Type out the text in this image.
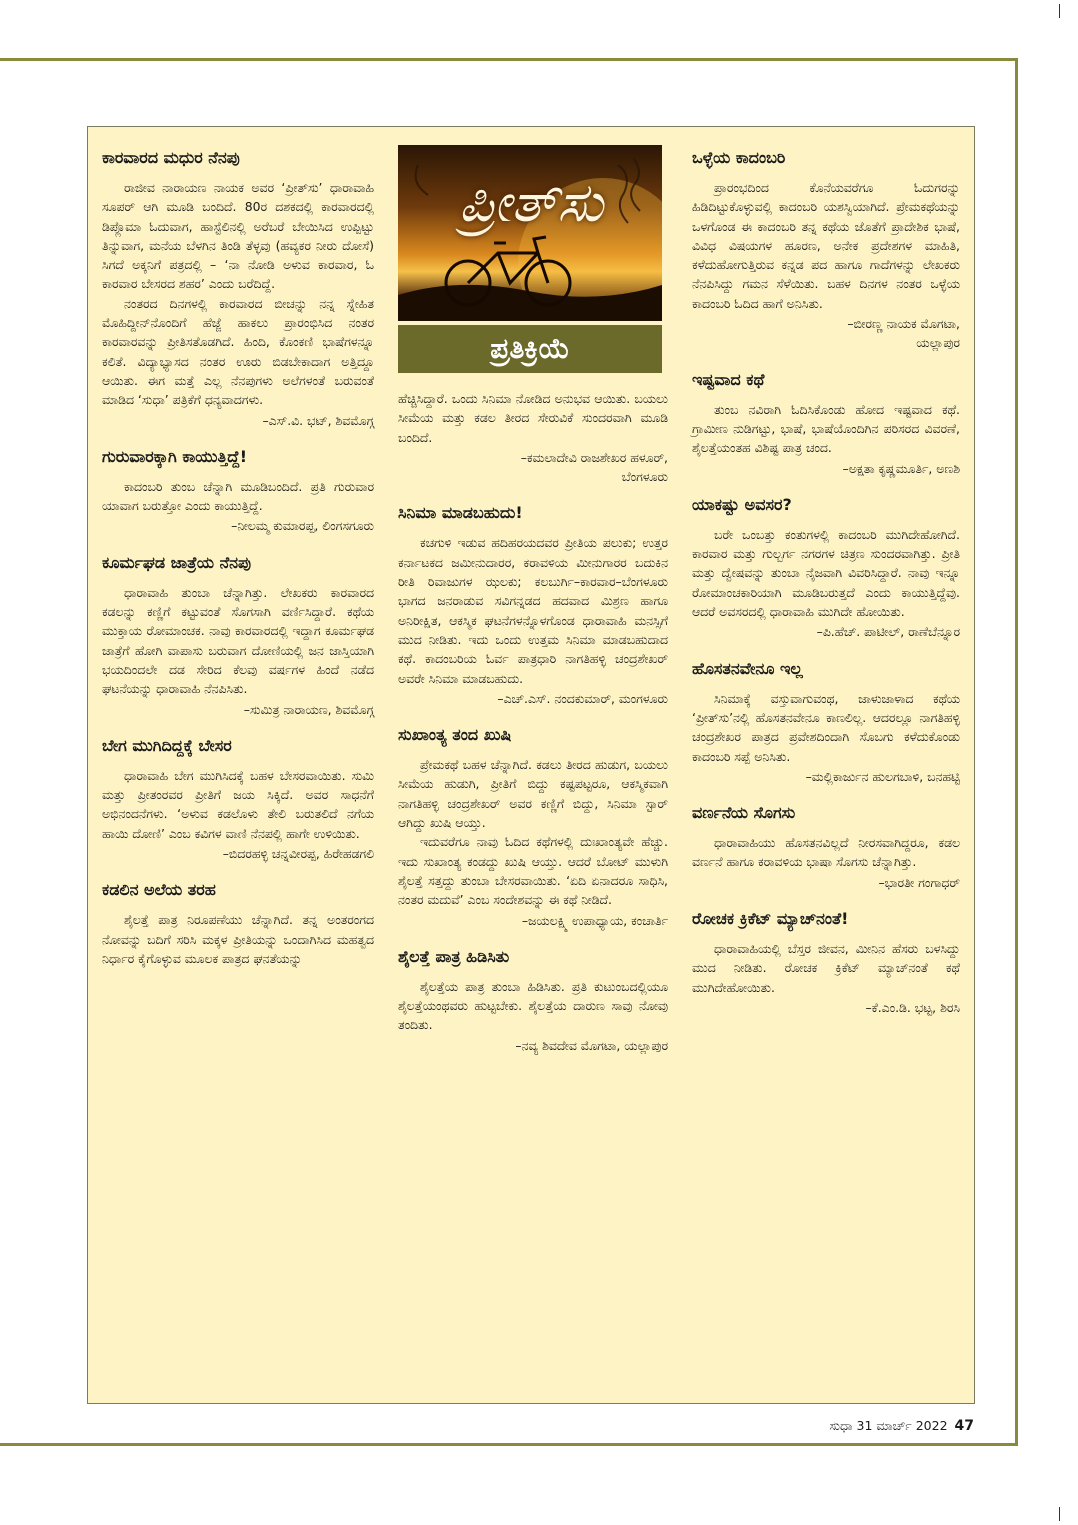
ಕಾರವಾರದ ಮಧುರ ನೆನಪು

ರಾಜೀವ ನಾರಾಯಣ ನಾಯಕ ಅವರ ‘ಪ್ರೀತ್‌ಸು’ ಧಾರಾವಾಹಿ ಸೂಪರ್ ಆಗಿ ಮೂಡಿ ಬಂದಿದೆ. 80ರ ದಶಕದಲ್ಲಿ ಕಾರವಾರದಲ್ಲಿ ಡಿಪ್ಲೊಮಾ ಓದುವಾಗ, ಹಾಸ್ಟೆಲಿನಲ್ಲಿ ಅರೆಬರೆ ಬೇಯಿಸಿದ ಉಪ್ಪಿಟ್ಟು ತಿನ್ನುವಾಗ, ಮನೆಯ ಬೆಳಗಿನ ತಿಂಡಿ ತೆಳ್ಳವು (ಹವ್ಯಕರ ನೀರು ದೋಸೆ) ಸಿಗದೆ ಅಕ್ಕನಿಗೆ ಪತ್ರದಲ್ಲಿ – ‘ನಾ ನೋಡಿ ಅಳುವ ಕಾರವಾರ, ಓ ಕಾರವಾರ ಬೇಸರದ ಶಹರ’ ಎಂದು ಬರೆದಿದ್ದೆ.

ನಂತರದ ದಿನಗಳಲ್ಲಿ ಕಾರವಾರದ ಬೀಚನ್ನು ನನ್ನ ಸ್ನೇಹಿತ ಮೊಹಿದ್ದೀನ್‌ನೊಂದಿಗೆ ಹೆಜ್ಜೆ ಹಾಕಲು ಪ್ರಾರಂಭಿಸಿದ ನಂತರ ಕಾರವಾರವನ್ನು ಪ್ರೀತಿಸತೊಡಗಿದೆ. ಹಿಂದಿ, ಕೊಂಕಣಿ ಭಾಷೆಗಳನ್ನೂ ಕಲಿತೆ. ವಿದ್ಯಾಭ್ಯಾಸದ ನಂತರ ಊರು ಬಿಡಬೇಕಾದಾಗ ಅತ್ತಿದ್ದೂ ಆಯಿತು. ಈಗ ಮತ್ತೆ ಎಲ್ಲ ನೆನಪುಗಳು ಅಲೆಗಳಂತೆ ಬರುವಂತೆ ಮಾಡಿದ ‘ಸುಧಾ’ ಪತ್ರಿಕೆಗೆ ಧನ್ಯವಾದಗಳು.

–ಎಸ್‌.ವಿ. ಭಟ್, ಶಿವಮೊಗ್ಗ
ಗುರುವಾರಕ್ಕಾಗಿ ಕಾಯುತ್ತಿದ್ದೆ!

ಕಾದಂಬರಿ ತುಂಬ ಚೆನ್ನಾಗಿ ಮೂಡಿಬಂದಿದೆ. ಪ್ರತಿ ಗುರುವಾರ ಯಾವಾಗ ಬರುತ್ತೋ ಎಂದು ಕಾಯುತ್ತಿದ್ದೆ.

–ನೀಲಮ್ಮ ಕುಮಾರಪ್ಪ, ಲಿಂಗಸಗೂರು
ಕೂರ್ಮಘಡ ಜಾತ್ರೆಯ ನೆನಪು

ಧಾರಾವಾಹಿ ತುಂಬಾ ಚೆನ್ನಾಗಿತ್ತು. ಲೇಖಕರು ಕಾರವಾರದ ಕಡಲನ್ನು ಕಣ್ಣಿಗೆ ಕಟ್ಟುವಂತೆ ಸೊಗಸಾಗಿ ವರ್ಣಿಸಿದ್ದಾರೆ. ಕಥೆಯ ಮುಕ್ತಾಯ ರೋಮಾಂಚಕ. ನಾವು ಕಾರವಾರದಲ್ಲಿ ಇದ್ದಾಗ ಕೂರ್ಮಘಡ ಜಾತ್ರೆಗೆ ಹೋಗಿ ವಾಪಾಸು ಬರುವಾಗ ದೋಣಿಯಲ್ಲಿ ಜನ ಜಾಸ್ತಿಯಾಗಿ ಭಯದಿಂದಲೇ ದಡ ಸೇರಿದ ಕೆಲವು ವರ್ಷಗಳ ಹಿಂದೆ ನಡೆದ ಘಟನೆಯನ್ನು ಧಾರಾವಾಹಿ ನೆನಪಿಸಿತು.

–ಸುಮಿತ್ರ ನಾರಾಯಣ, ಶಿವಮೊಗ್ಗ
ಬೇಗ ಮುಗಿದಿದ್ದಕ್ಕೆ ಬೇಸರ

ಧಾರಾವಾಹಿ ಬೇಗ ಮುಗಿಸಿದಕ್ಕೆ ಬಹಳ ಬೇಸರವಾಯಿತು. ಸುಮಿ ಮತ್ತು ಪ್ರೀತಂರವರ ಪ್ರೀತಿಗೆ ಜಯ ಸಿಕ್ಕಿದೆ. ಅವರ ಸಾಧನೆಗೆ ಅಭಿನಂದನೆಗಳು. ‘ಅಳುವ ಕಡಲೊಳು ತೇಲಿ ಬರುತಲಿದೆ ನಗೆಯ ಹಾಯಿ ದೋಣಿ’ ಎಂಬ ಕವಿಗಳ ವಾಣಿ ನೆನಪಲ್ಲಿ ಹಾಗೇ ಉಳಿಯಿತು.

–ಬಿದರಹಳ್ಳಿ ಚನ್ನವೀರಪ್ಪ, ಹಿರೇಹಡಗಲಿ
ಕಡಲಿನ ಅಲೆಯ ತರಹ

ಶೈಲತ್ತೆ ಪಾತ್ರ ನಿರೂಪಣೆಯು ಚೆನ್ನಾಗಿದೆ. ತನ್ನ ಅಂತರಂಗದ ನೋವನ್ನು ಬದಿಗೆ ಸರಿಸಿ ಮಕ್ಕಳ ಪ್ರೀತಿಯನ್ನು ಒಂದಾಗಿಸಿದ ಮಹತ್ವದ ನಿರ್ಧಾರ ಕೈಗೊಳ್ಳುವ ಮೂಲಕ ಪಾತ್ರದ ಘನತೆಯನ್ನು

ಪ್ರೀತ್‌ಸು
ಪ್ರತಿಕ್ರಿಯೆ

ಹೆಚ್ಚಿಸಿದ್ದಾರೆ. ಒಂದು ಸಿನಿಮಾ ನೋಡಿದ ಅನುಭವ ಆಯಿತು. ಬಯಲು ಸೀಮೆಯ ಮತ್ತು ಕಡಲ ತೀರದ ಸೇರುವಿಕೆ ಸುಂದರವಾಗಿ ಮೂಡಿ ಬಂದಿದೆ.

–ಕಮಲಾದೇವಿ ರಾಜಶೇಖರ ಹಳೂರ್,
ಬೆಂಗಳೂರು
ಸಿನಿಮಾ ಮಾಡಬಹುದು!

ಕಚಗುಳಿ ಇಡುವ ಹದಿಹರಯದವರ ಪ್ರೀತಿಯ ಪಲುಕು; ಉತ್ತರ ಕರ್ನಾಟಕದ ಜಮೀನುದಾರರ, ಕರಾವಳಿಯ ಮೀನುಗಾರರ ಬದುಕಿನ ರೀತಿ ರಿವಾಜುಗಳ ಝಲಕು; ಕಲಬುರ್ಗಿ–ಕಾರವಾರ–ಬೆಂಗಳೂರು ಭಾಗದ ಜನರಾಡುವ ಸವಿಗನ್ನಡದ ಹದವಾದ ಮಿಶ್ರಣ ಹಾಗೂ ಅನಿರೀಕ್ಷಿತ, ಆಕಸ್ಮಿಕ ಘಟನೆಗಳನ್ನೊಳಗೊಂಡ ಧಾರಾವಾಹಿ ಮನಸ್ಸಿಗೆ ಮುದ ನೀಡಿತು. ಇದು ಒಂದು ಉತ್ತಮ ಸಿನಿಮಾ ಮಾಡಬಹುದಾದ ಕಥೆ. ಕಾದಂಬರಿಯ ಓರ್ವ ಪಾತ್ರಧಾರಿ ನಾಗತಿಹಳ್ಳಿ ಚಂದ್ರಶೇಖರ್ ಅವರೇ ಸಿನಿಮಾ ಮಾಡಬಹುದು.

–ಎಚ್‌.ಎಸ್‌. ನಂದಕುಮಾರ್, ಮಂಗಳೂರು
ಸುಖಾಂತ್ಯ ತಂದ ಖುಷಿ

ಪ್ರೇಮಕಥೆ ಬಹಳ ಚೆನ್ನಾಗಿದೆ. ಕಡಲು ತೀರದ ಹುಡುಗ, ಬಯಲು ಸೀಮೆಯ ಹುಡುಗಿ, ಪ್ರೀತಿಗೆ ಬಿದ್ದು ಕಷ್ಟಪಟ್ಟರೂ, ಆಕಸ್ಮಿಕವಾಗಿ ನಾಗತಿಹಳ್ಳಿ ಚಂದ್ರಶೇಖರ್ ಅವರ ಕಣ್ಣಿಗೆ ಬಿದ್ದು, ಸಿನಿಮಾ ಸ್ಟಾರ್ ಆಗಿದ್ದು ಖುಷಿ ಆಯ್ತು.

ಇದುವರೆಗೂ ನಾವು ಓದಿದ ಕಥೆಗಳಲ್ಲಿ ದುಃಖಾಂತ್ಯವೇ ಹೆಚ್ಚು. ಇದು ಸುಖಾಂತ್ಯ ಕಂಡದ್ದು ಖುಷಿ ಆಯ್ತು. ಆದರೆ ಬೋಟ್ ಮುಳುಗಿ ಶೈಲತ್ತೆ ಸತ್ತದ್ದು ತುಂಬಾ ಬೇಸರವಾಯಿತು. ‘ಏದಿ ಏನಾದರೂ ಸಾಧಿಸಿ, ನಂತರ ಮದುವೆ’ ಎಂಬ ಸಂದೇಶವನ್ನು ಈ ಕಥೆ ನೀಡಿದೆ.

–ಜಯಲಕ್ಷ್ಮಿ ಉಪಾಧ್ಯಾಯ, ಕಂಚಾರ್ತಿ
ಶೈಲತ್ತೆ ಪಾತ್ರ ಹಿಡಿಸಿತು

ಶೈಲತ್ತೆಯ ಪಾತ್ರ ತುಂಬಾ ಹಿಡಿಸಿತು. ಪ್ರತಿ ಕುಟುಂಬದಲ್ಲಿಯೂ ಶೈಲತ್ತೆಯಂಥವರು ಹುಟ್ಟಬೇಕು. ಶೈಲತ್ತೆಯ ದಾರುಣ ಸಾವು ನೋವು ತಂದಿತು.

–ನವ್ಯ ಶಿವದೇವ ಮೊಗಟಾ, ಯಲ್ಲಾಪುರ
ಒಳ್ಳೆಯ ಕಾದಂಬರಿ

ಪ್ರಾರಂಭದಿಂದ ಕೊನೆಯವರೆಗೂ ಓದುಗರನ್ನು ಹಿಡಿದಿಟ್ಟುಕೊಳ್ಳುವಲ್ಲಿ ಕಾದಂಬರಿ ಯಶಸ್ವಿಯಾಗಿದೆ. ಪ್ರೇಮಕಥೆಯನ್ನು ಒಳಗೊಂಡ ಈ ಕಾದಂಬರಿ ತನ್ನ ಕಥೆಯ ಜೊತೆಗೆ ಪ್ರಾದೇಶಿಕ ಭಾಷೆ, ವಿವಿಧ ವಿಷಯಗಳ ಹೂರಣ, ಅನೇಕ ಪ್ರದೇಶಗಳ ಮಾಹಿತಿ, ಕಳೆದುಹೋಗುತ್ತಿರುವ ಕನ್ನಡ ಪದ ಹಾಗೂ ಗಾದೆಗಳನ್ನು ಲೇಖಕರು ನೆನಪಿಸಿದ್ದು ಗಮನ ಸೆಳೆಯಿತು. ಬಹಳ ದಿನಗಳ ನಂತರ ಒಳ್ಳೆಯ ಕಾದಂಬರಿ ಓದಿದ ಹಾಗೆ ಅನಿಸಿತು.

–ಬೀರಣ್ಣ ನಾಯಕ ಮೊಗಟಾ,
ಯಲ್ಲಾಪುರ
ಇಷ್ಟವಾದ ಕಥೆ

ತುಂಬ ನವಿರಾಗಿ ಓದಿಸಿಕೊಂಡು ಹೋದ ಇಷ್ಟವಾದ ಕಥೆ. ಗ್ರಾಮೀಣ ನುಡಿಗಟ್ಟು, ಭಾಷೆ, ಭಾಷೆಯೊಂದಿಗಿನ ಪರಿಸರದ ವಿವರಣೆ, ಶೈಲತ್ತೆಯಂತಹ ವಿಶಿಷ್ಟ ಪಾತ್ರ ಚಂದ.

–ಅಕ್ಷತಾ ಕೃಷ್ಣಮೂರ್ತಿ, ಅಣಶಿ
ಯಾಕಷ್ಟು ಅವಸರ?

ಬರೇ ಒಂಬತ್ತು ಕಂತುಗಳಲ್ಲಿ ಕಾದಂಬರಿ ಮುಗಿದೇಹೋಗಿದೆ. ಕಾರವಾರ ಮತ್ತು ಗುಲ್ಬರ್ಗ ನಗರಗಳ ಚಿತ್ರಣ ಸುಂದರವಾಗಿತ್ತು. ಪ್ರೀತಿ ಮತ್ತು ದ್ವೇಷವನ್ನು ತುಂಬಾ ನೈಜವಾಗಿ ವಿವರಿಸಿದ್ದಾರೆ. ನಾವು ಇನ್ನೂ ರೋಮಾಂಚಕಾರಿಯಾಗಿ ಮೂಡಿಬರುತ್ತದೆ ಎಂದು ಕಾಯುತ್ತಿದ್ದೆವು. ಆದರೆ ಅವಸರದಲ್ಲಿ ಧಾರಾವಾಹಿ ಮುಗಿದೇ ಹೋಯಿತು.

–ಪಿ.ಹೆಚ್. ಪಾಟೀಲ್, ರಾಣೆಬೆನ್ನೂರ
ಹೊಸತನವೇನೂ ಇಲ್ಲ

ಸಿನಿಮಾಕ್ಕೆ ವಸ್ತುವಾಗುವಂಥ, ಜಾಳುಜಾಳಾದ ಕಥೆಯ ‘ಪ್ರೀತ್‌ಸು’ನಲ್ಲಿ ಹೊಸತನವೇನೂ ಕಾಣಲಿಲ್ಲ. ಆದರಲ್ಲೂ ನಾಗತಿಹಳ್ಳಿ ಚಂದ್ರಶೇಖರ ಪಾತ್ರದ ಪ್ರವೇಶದಿಂದಾಗಿ ಸೊಬಗು ಕಳೆದುಕೊಂಡು ಕಾದಂಬರಿ ಸಪ್ಪೆ ಅನಿಸಿತು.

–ಮಲ್ಲಿಕಾರ್ಜುನ ಹುಲಗಬಾಳಿ, ಬನಹಟ್ಟಿ
ವರ್ಣನೆಯ ಸೊಗಸು

ಧಾರಾವಾಹಿಯು ಹೊಸತನವಿಲ್ಲದೆ ನೀರಸವಾಗಿದ್ದರೂ, ಕಡಲ ವರ್ಣನೆ ಹಾಗೂ ಕರಾವಳಿಯ ಭಾಷಾ ಸೊಗಸು ಚೆನ್ನಾಗಿತ್ತು.

–ಭಾರತೀ ಗಂಗಾಧರ್
ರೋಚಕ ಕ್ರಿಕೆಟ್ ಮ್ಯಾಚ್‌ನಂತೆ!

ಧಾರಾವಾಹಿಯಲ್ಲಿ ಬೆಸ್ತರ ಜೀವನ, ಮೀನಿನ ಹೆಸರು ಬಳಸಿದ್ದು ಮುದ ನೀಡಿತು. ರೋಚಕ ಕ್ರಿಕೆಟ್ ಮ್ಯಾಚ್‌ನಂತೆ ಕಥೆ ಮುಗಿದೇಹೋಯಿತು.

–ಕೆ.ಎಂ.ಡಿ. ಭಟ್ಟ, ಶಿರಸಿ
ಸುಧಾ 31 ಮಾರ್ಚ್ 2022 47
